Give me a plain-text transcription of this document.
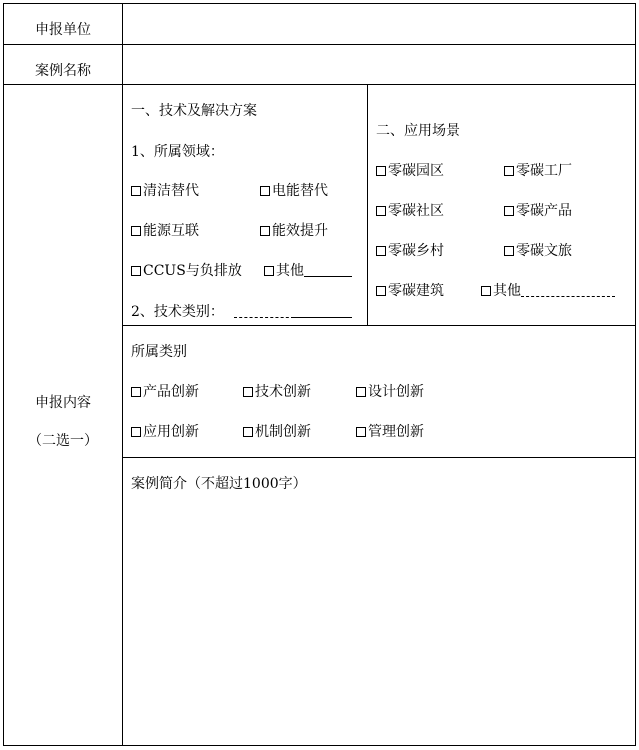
申报单位
案例名称
申报内容
（二选一）
一、技术及解决方案
1、所属领域：
清洁替代	电能替代
能源互联	能效提升
CCUS与负排放	其他
2、技术类别：
二、应用场景
零碳园区	零碳工厂
零碳社区	零碳产品
零碳乡村	零碳文旅
零碳建筑	其他
所属类别
产品创新	技术创新	设计创新
应用创新	机制创新	管理创新
案例简介（不超过1000字）
